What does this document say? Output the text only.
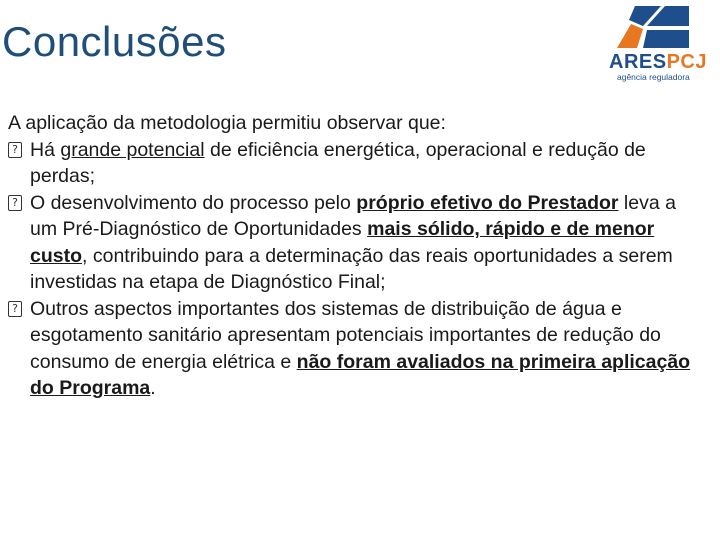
Conclusões	ARESPCJ
agência reguladora

A aplicação da metodologia permitiu observar que:

? Há grande potencial de eficiência energética, operacional e redução de perdas;
? O desenvolvimento do processo pelo próprio efetivo do Prestador leva a um Pré-Diagnóstico de Oportunidades mais sólido, rápido e de menor custo, contribuindo para a determinação das reais oportunidades a serem investidas na etapa de Diagnóstico Final;
? Outros aspectos importantes dos sistemas de distribuição de água e esgotamento sanitário apresentam potenciais importantes de redução do consumo de energia elétrica e não foram avaliados na primeira aplicação do Programa.
